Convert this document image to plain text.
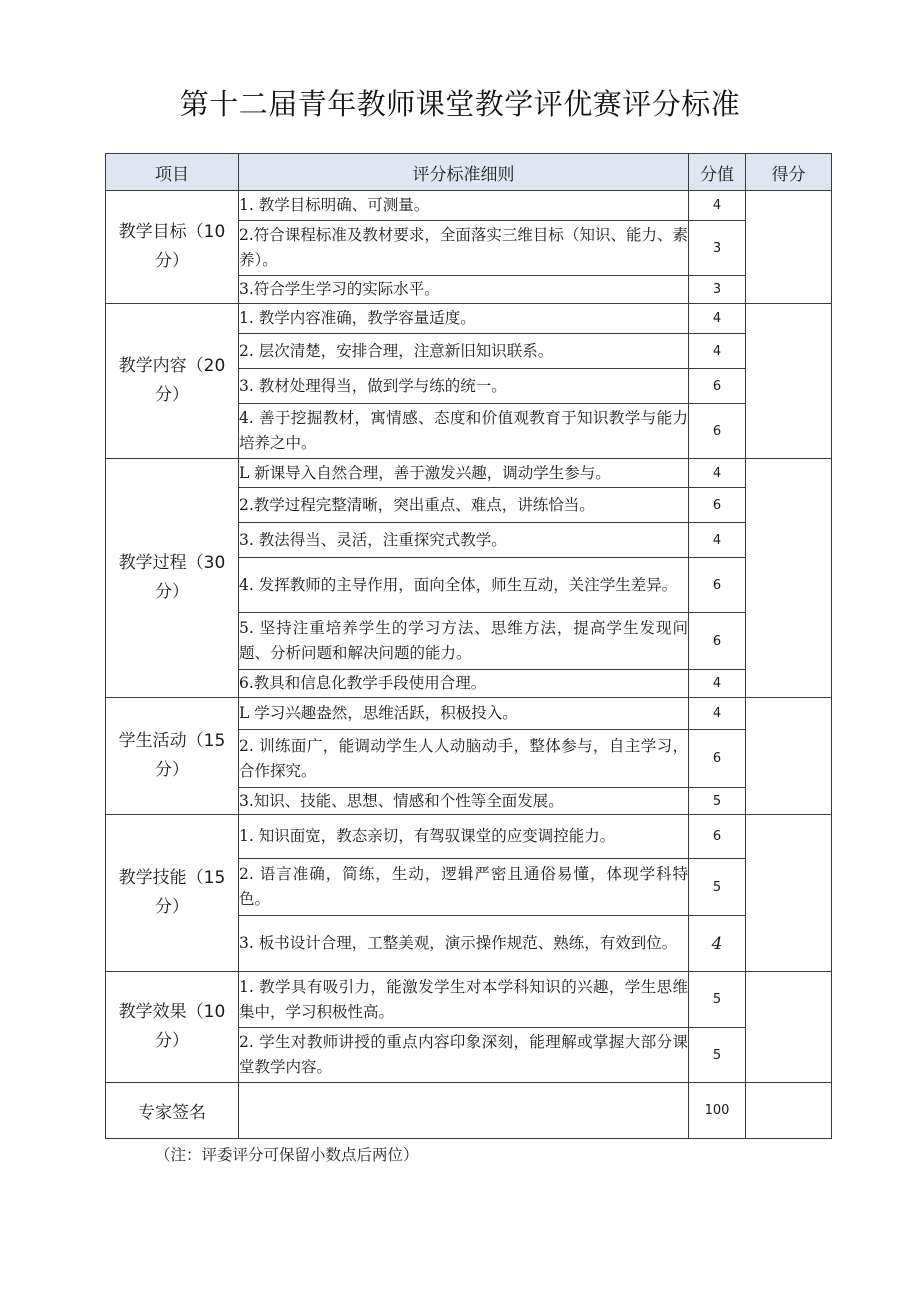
第十二届青年教师课堂教学评优赛评分标准
项目	评分标准细则	分值	得分
教学目标（10分）	1. 教学目标明确、可测量。	4	
	2.符合课程标准及教材要求，全面落实三维目标（知识、能力、素养）。	3	
	3.符合学生学习的实际水平。	3	
教学内容（20分）	1. 教学内容准确，教学容量适度。	4	
	2. 层次清楚，安排合理，注意新旧知识联系。	4	
	3. 教材处理得当，做到学与练的统一。	6	
	4. 善于挖掘教材，寓情感、态度和价值观教育于知识教学与能力培养之中。	6	
教学过程（30分）	L 新课导入自然合理，善于激发兴趣，调动学生参与。	4	
	2.教学过程完整清晰，突出重点、难点，讲练恰当。	6	
	3. 教法得当、灵活，注重探究式教学。	4	
	4. 发挥教师的主导作用，面向全体，师生互动，关注学生差异。	6	
	5. 坚持注重培养学生的学习方法、思维方法，提高学生发现问题、分析问题和解决问题的能力。	6	
	6.教具和信息化教学手段使用合理。	4	
学生活动（15分）	L 学习兴趣盎然，思维活跃，积极投入。	4	
	2. 训练面广，能调动学生人人动脑动手，整体参与，自主学习，合作探究。	6	
	3.知识、技能、思想、情感和个性等全面发展。	5	
教学技能（15分）	1. 知识面宽，教态亲切，有驾驭课堂的应变调控能力。	6	
	2. 语言准确，简练，生动，逻辑严密且通俗易懂，体现学科特色。	5	
	3. 板书设计合理，工整美观，演示操作规范、熟练，有效到位。	4	
教学效果（10分）	1. 教学具有吸引力，能激发学生对本学科知识的兴趣，学生思维集中，学习积极性高。	5	
	2. 学生对教师讲授的重点内容印象深刻，能理解或掌握大部分课堂教学内容。	5	
专家签名		100	
（注：评委评分可保留小数点后两位）
